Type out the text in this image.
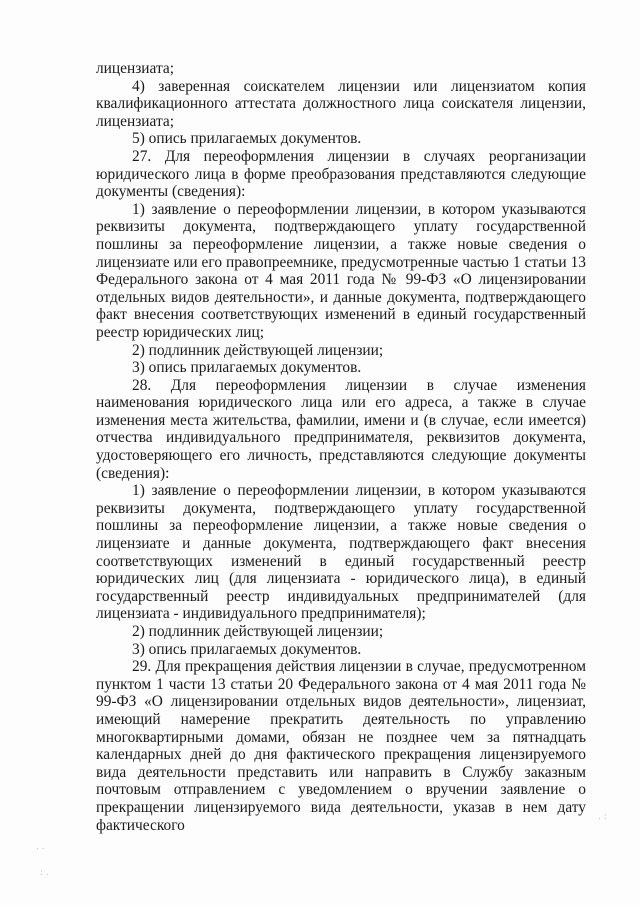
лицензиата;

4) заверенная соискателем лицензии или лицензиатом копия квалификационного аттестата должностного лица соискателя лицензии, лицензиата;

5) опись прилагаемых документов.

27. Для переоформления лицензии в случаях реорганизации юридического лица в форме преобразования представляются следующие документы (сведения):

1) заявление о переоформлении лицензии, в котором указываются реквизиты документа, подтверждающего уплату государственной пошлины за переоформление лицензии, а также новые сведения о лицензиате или его правопреемнике, предусмотренные частью 1 статьи 13 Федерального закона от 4 мая 2011 года № 99-ФЗ «О лицензировании отдельных видов деятельности», и данные документа, подтверждающего факт внесения соответствующих изменений в единый государственный реестр юридических лиц;

2) подлинник действующей лицензии;

3) опись прилагаемых документов.

28. Для переоформления лицензии в случае изменения наименования юридического лица или его адреса, а также в случае изменения места жительства, фамилии, имени и (в случае, если имеется) отчества индивидуального предпринимателя, реквизитов документа, удостоверяющего его личность, представляются следующие документы (сведения):

1) заявление о переоформлении лицензии, в котором указываются реквизиты документа, подтверждающего уплату государственной пошлины за переоформление лицензии, а также новые сведения о лицензиате и данные документа, подтверждающего факт внесения соответствующих изменений в единый государственный реестр юридических лиц (для лицензиата - юридического лица), в единый государственный реестр индивидуальных предпринимателей (для лицензиата - индивидуального предпринимателя);

2) подлинник действующей лицензии;

3) опись прилагаемых документов.

29. Для прекращения действия лицензии в случае, предусмотренном пунктом 1 части 13 статьи 20 Федерального закона от 4 мая 2011 года № 99-ФЗ «О лицензировании отдельных видов деятельности», лицензиат, имеющий намерение прекратить деятельность по управлению многоквартирными домами, обязан не позднее чем за пятнадцать календарных дней до дня фактического прекращения лицензируемого вида деятельности представить или направить в Службу заказным почтовым отправлением с уведомлением о вручении заявление о прекращении лицензируемого вида деятельности, указав в нем дату фактического

. .
: .
. :
